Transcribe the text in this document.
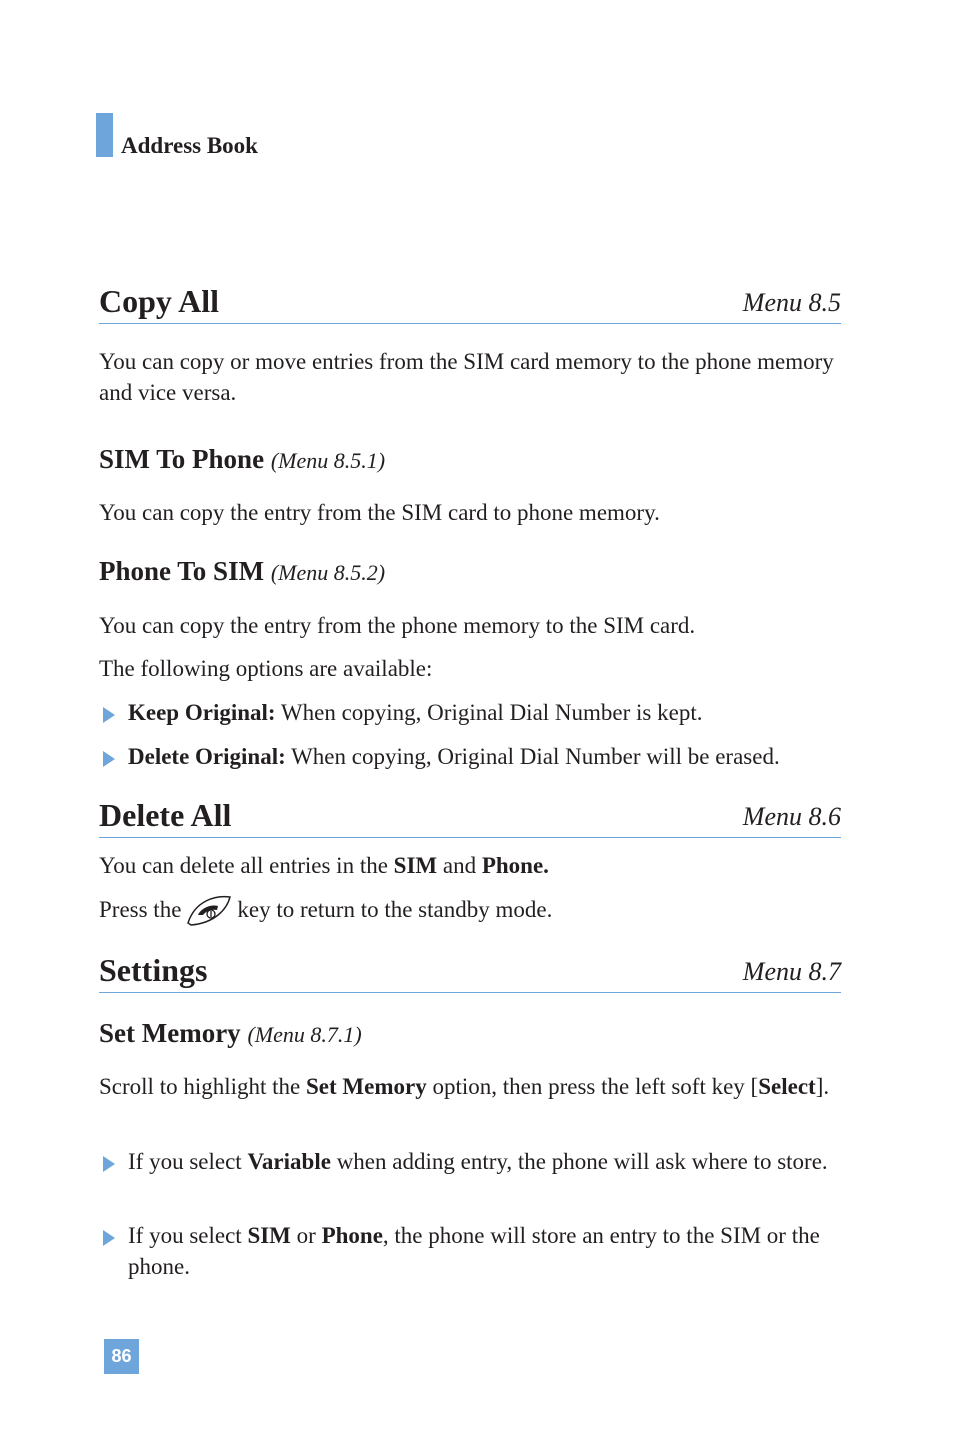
Address Book
Copy All	Menu 8.5
You can copy or move entries from the SIM card memory to the phone memory and vice versa.
SIM To Phone (Menu 8.5.1)
You can copy the entry from the SIM card to phone memory.
Phone To SIM (Menu 8.5.2)
You can copy the entry from the phone memory to the SIM card.
The following options are available:
Keep Original: When copying, Original Dial Number is kept.
Delete Original: When copying, Original Dial Number will be erased.
Delete All	Menu 8.6
You can delete all entries in the SIM and Phone.
Press the key to return to the standby mode.
Settings	Menu 8.7
Set Memory (Menu 8.7.1)
Scroll to highlight the Set Memory option, then press the left soft key [Select].
If you select Variable when adding entry, the phone will ask where to store.
If you select SIM or Phone, the phone will store an entry to the SIM or the phone.
86
